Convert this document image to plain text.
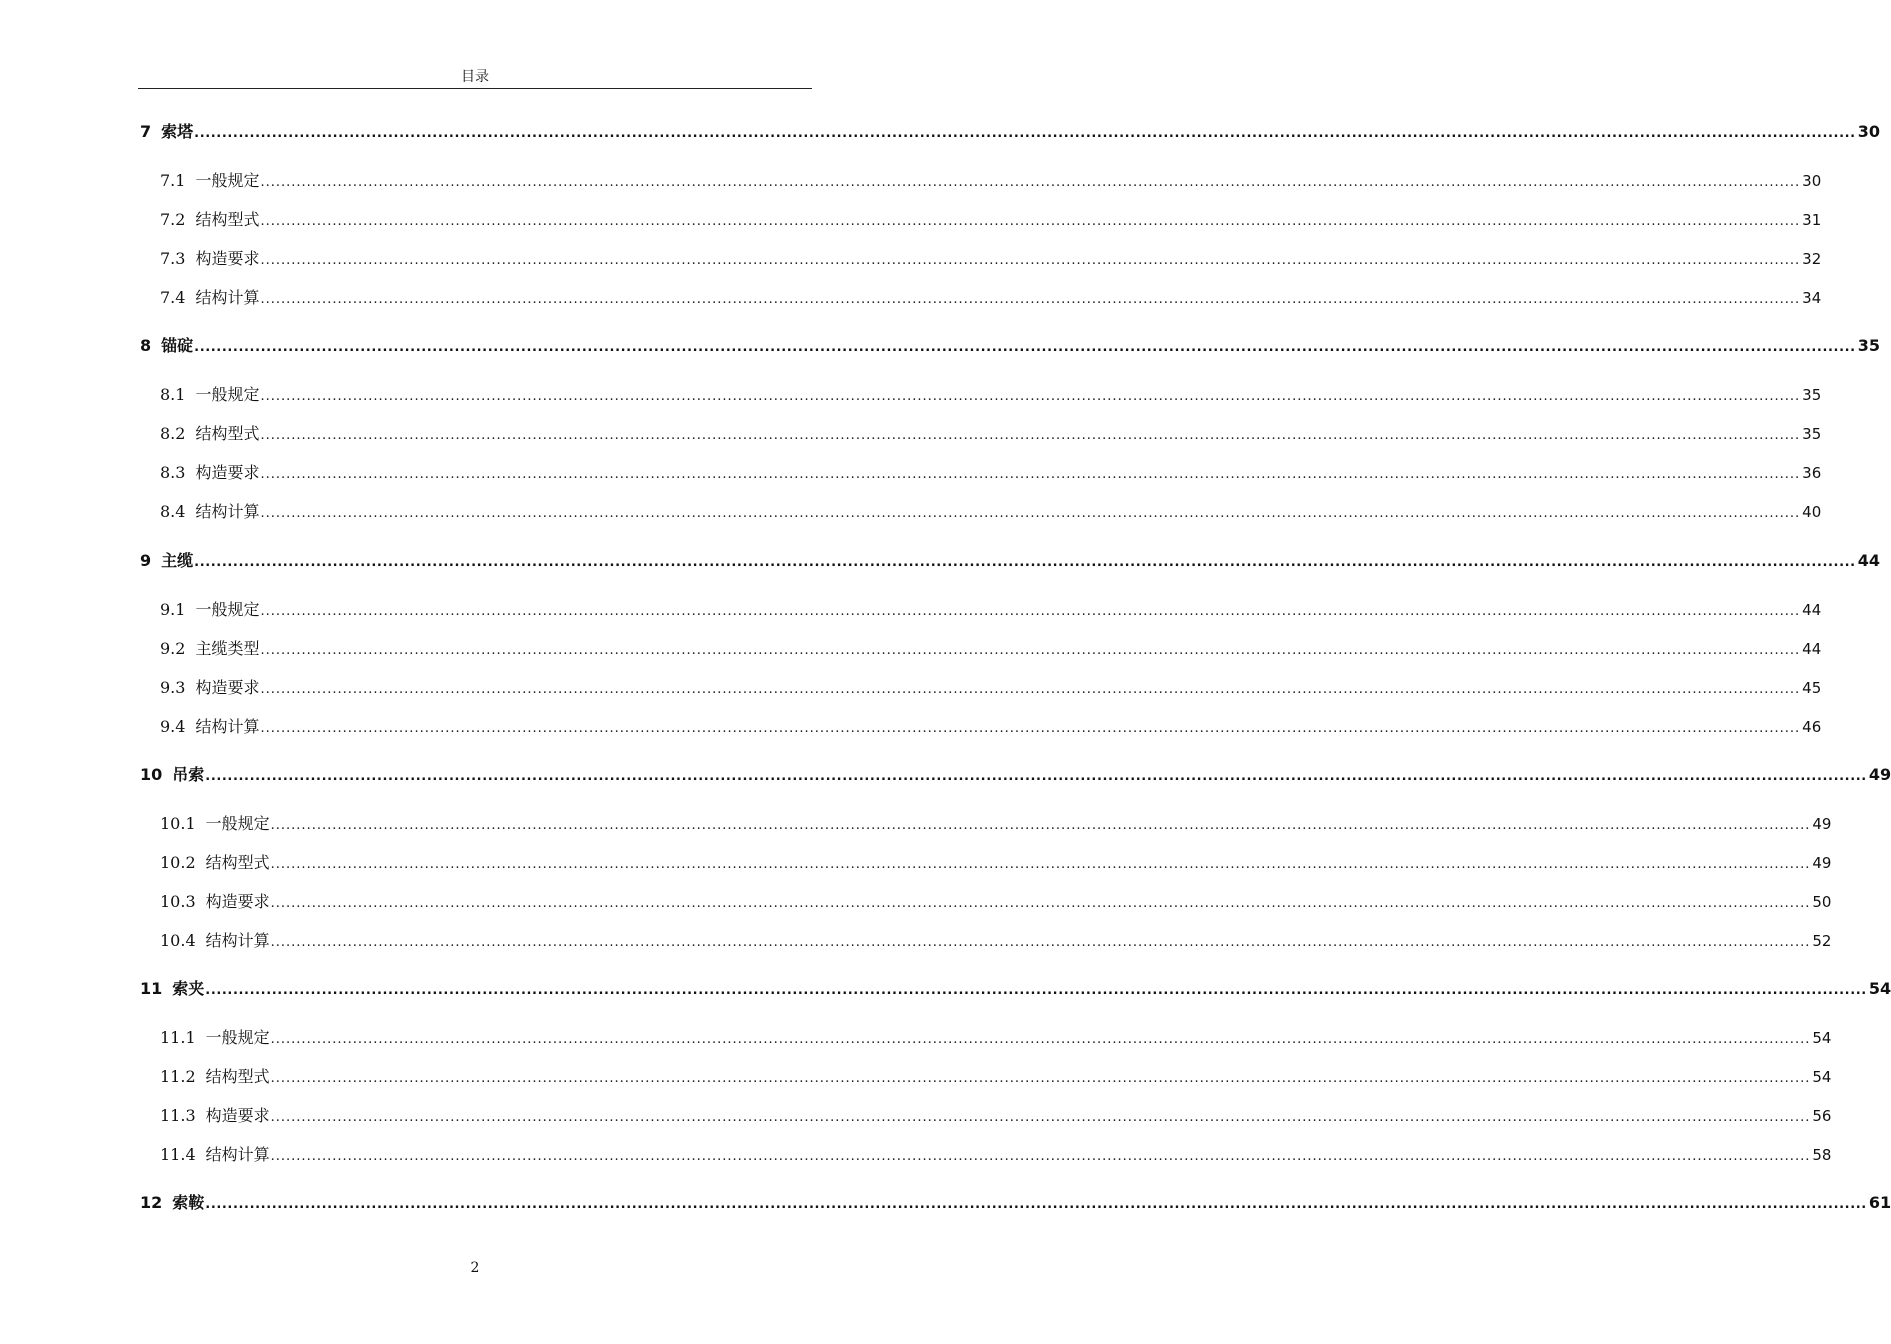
目录
7 索塔 ............................................................................................................................................................................................................................................................................................................ 30
7.1 一般规定 ............................................................................................................................................................................................................................................................................................................ 30
7.2 结构型式 ............................................................................................................................................................................................................................................................................................................ 31
7.3 构造要求 ............................................................................................................................................................................................................................................................................................................ 32
7.4 结构计算 ............................................................................................................................................................................................................................................................................................................ 34
8 锚碇 ............................................................................................................................................................................................................................................................................................................ 35
8.1 一般规定 ............................................................................................................................................................................................................................................................................................................ 35
8.2 结构型式 ............................................................................................................................................................................................................................................................................................................ 35
8.3 构造要求 ............................................................................................................................................................................................................................................................................................................ 36
8.4 结构计算 ............................................................................................................................................................................................................................................................................................................ 40
9 主缆 ............................................................................................................................................................................................................................................................................................................ 44
9.1 一般规定 ............................................................................................................................................................................................................................................................................................................ 44
9.2 主缆类型 ............................................................................................................................................................................................................................................................................................................ 44
9.3 构造要求 ............................................................................................................................................................................................................................................................................................................ 45
9.4 结构计算 ............................................................................................................................................................................................................................................................................................................ 46
10 吊索 ............................................................................................................................................................................................................................................................................................................ 49
10.1 一般规定 ............................................................................................................................................................................................................................................................................................................ 49
10.2 结构型式 ............................................................................................................................................................................................................................................................................................................ 49
10.3 构造要求 ............................................................................................................................................................................................................................................................................................................ 50
10.4 结构计算 ............................................................................................................................................................................................................................................................................................................ 52
11 索夹 ............................................................................................................................................................................................................................................................................................................ 54
11.1 一般规定 ............................................................................................................................................................................................................................................................................................................ 54
11.2 结构型式 ............................................................................................................................................................................................................................................................................................................ 54
11.3 构造要求 ............................................................................................................................................................................................................................................................................................................ 56
11.4 结构计算 ............................................................................................................................................................................................................................................................................................................ 58
12 索鞍 ............................................................................................................................................................................................................................................................................................................ 61
2
